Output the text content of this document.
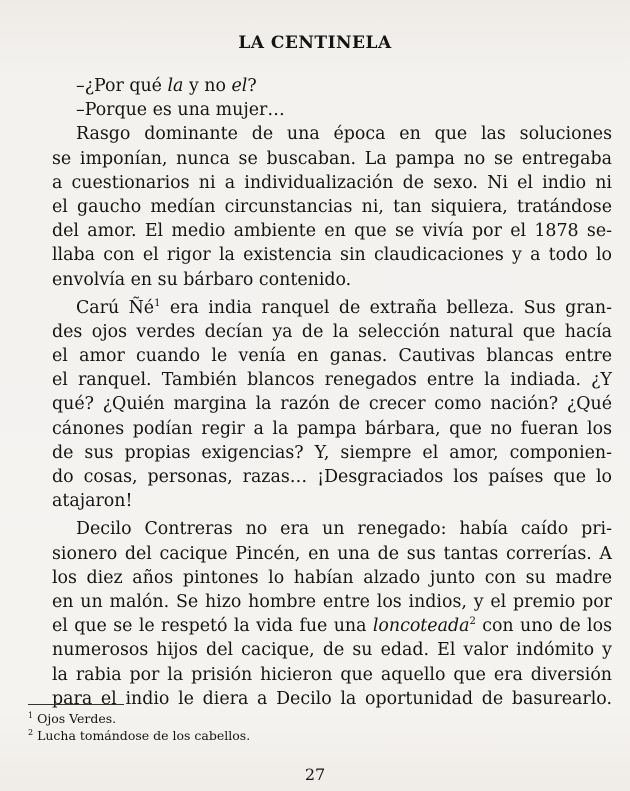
LA CENTINELA
–¿Por qué la y no el?
–Porque es una mujer…
Rasgo dominante de una época en que las soluciones
se imponían, nunca se buscaban. La pampa no se entregaba
a cuestionarios ni a individualización de sexo. Ni el indio ni
el gaucho medían circunstancias ni, tan siquiera, tratándose
del amor. El medio ambiente en que se vivía por el 1878 se-
llaba con el rigor la existencia sin claudicaciones y a todo lo
envolvía en su bárbaro contenido.
Carú $Ñé^1$ era india ranquel de extraña belleza. Sus gran-
des ojos verdes decían ya de la selección natural que hacía
el amor cuando le venía en ganas. Cautivas blancas entre
el ranquel. También blancos renegados entre la indiada. ¿Y
qué? ¿Quién margina la razón de crecer como nación? ¿Qué
cánones podían regir a la pampa bárbara, que no fueran los
de sus propias exigencias? Y, siempre el amor, componien-
do cosas, personas, razas… ¡Desgraciados los países que lo
atajaron!
Decilo Contreras no era un renegado: había caído pri-
sionero del cacique Pincén, en una de sus tantas correrías. A
los diez años pintones lo habían alzado junto con su madre
en un malón. Se hizo hombre entre los indios, y el premio por
el que se le respetó la vida fue una loncoteada$^2$ con uno de los
numerosos hijos del cacique, de su edad. El valor indómito y
la rabia por la prisión hicieron que aquello que era diversión
para el indio le diera a Decilo la oportunidad de basurearlo.
$^1$ Ojos Verdes.
$^2$ Lucha tomándose de los cabellos.
27
